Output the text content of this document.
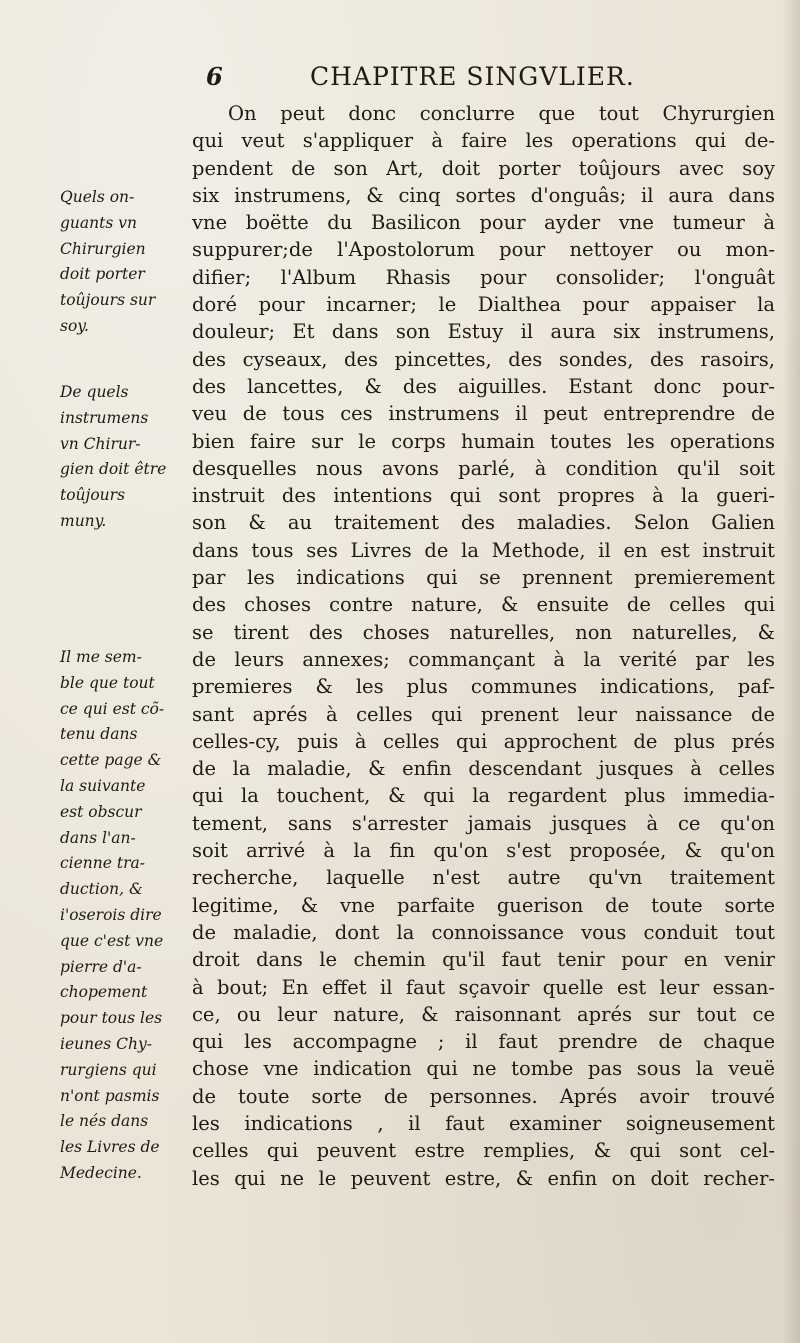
6	CHAPITRE SINGVLIER.
Quels on-
guants vn
Chirurgien
doit porter
toûjours sur
soy.
De quels
instrumens
vn Chirur-
gien doit être
toûjours
muny.
Il me sem-
ble que tout
ce qui est cõ-
tenu dans
cette page &
la suivante
est obscur
dans l'an-
cienne tra-
duction, &
i'oserois dire
que c'est vne
pierre d'a-
chopement
pour tous les
ieunes Chy-
rurgiens qui
n'ont pasmis
le nés dans
les Livres de
Medecine.
On peut donc conclurre que tout Chyrurgien
qui veut s'appliquer à faire les operations qui de-
pendent de son Art, doit porter toûjours avec soy
six instrumens, & cinq sortes d'onguâs; il aura dans
vne boëtte du Basilicon pour ayder vne tumeur à
suppurer;de l'Apostolorum pour nettoyer ou mon-
difier; l'Album Rhasis pour consolider; l'onguât
doré pour incarner; le Dialthea pour appaiser la
douleur; Et dans son Estuy il aura six instrumens,
des cyseaux, des pincettes, des sondes, des rasoirs,
des lancettes, & des aiguilles. Estant donc pour-
veu de tous ces instrumens il peut entreprendre de
bien faire sur le corps humain toutes les operations
desquelles nous avons parlé, à condition qu'il soit
instruit des intentions qui sont propres à la gueri-
son & au traitement des maladies. Selon Galien
dans tous ses Livres de la Methode, il en est instruit
par les indications qui se prennent premierement
des choses contre nature, & ensuite de celles qui
se tirent des choses naturelles, non naturelles, &
de leurs annexes; commançant à la verité par les
premieres & les plus communes indications, paf-
sant aprés à celles qui prenent leur naissance de
celles-cy, puis à celles qui approchent de plus prés
de la maladie, & enfin descendant jusques à celles
qui la touchent, & qui la regardent plus immedia-
tement, sans s'arrester jamais jusques à ce qu'on
soit arrivé à la fin qu'on s'est proposée, & qu'on
recherche, laquelle n'est autre qu'vn traitement
legitime, & vne parfaite guerison de toute sorte
de maladie, dont la connoissance vous conduit tout
droit dans le chemin qu'il faut tenir pour en venir
à bout; En effet il faut sçavoir quelle est leur essan-
ce, ou leur nature, & raisonnant aprés sur tout ce
qui les accompagne ; il faut prendre de chaque
chose vne indication qui ne tombe pas sous la veuë
de toute sorte de personnes. Aprés avoir trouvé
les indications , il faut examiner soigneusement
celles qui peuvent estre remplies, & qui sont cel-
les qui ne le peuvent estre, & enfin on doit recher-
